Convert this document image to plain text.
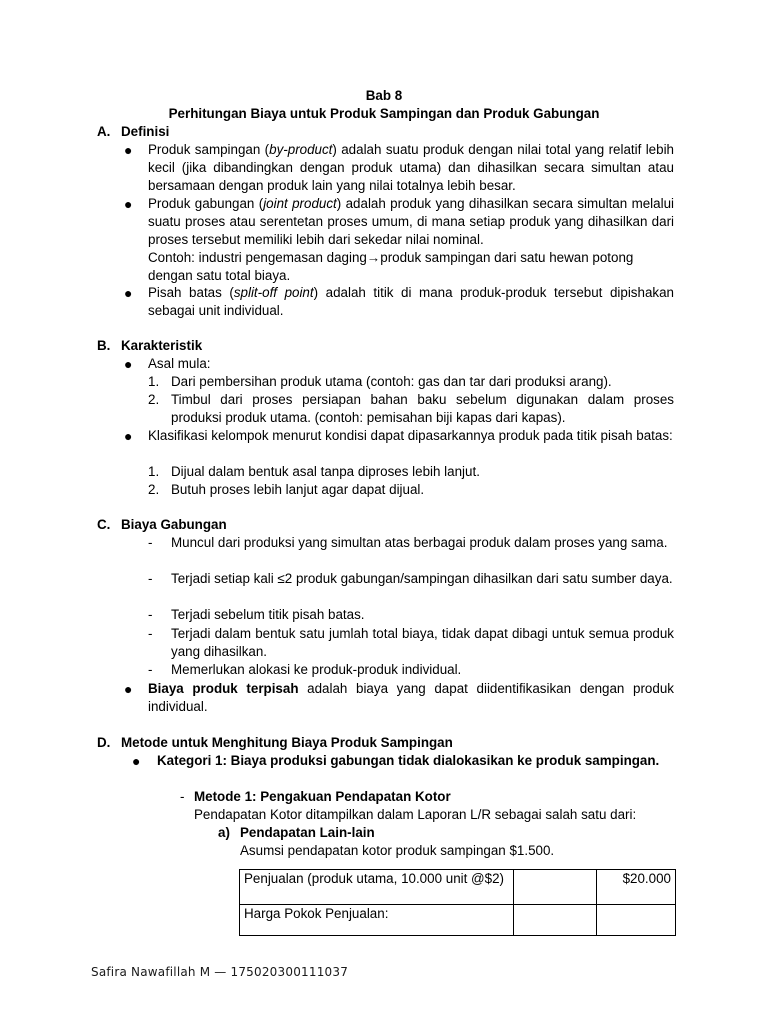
Bab 8
Perhitungan Biaya untuk Produk Sampingan dan Produk Gabungan
A. Definisi
● Produk sampingan (by-product) adalah suatu produk dengan nilai total yang relatif lebih kecil (jika dibandingkan dengan produk utama) dan dihasilkan secara simultan atau bersamaan dengan produk lain yang nilai totalnya lebih besar.
● Produk gabungan (joint product) adalah produk yang dihasilkan secara simultan melalui suatu proses atau serentetan proses umum, di mana setiap produk yang dihasilkan dari proses tersebut memiliki lebih dari sekedar nilai nominal.

Contoh: industri pengemasan daging→produk sampingan dari satu hewan potong dengan satu total biaya.

● Pisah batas (split-off point) adalah titik di mana produk-produk tersebut dipishakan sebagai unit individual.
B. Karakteristik
● Asal mula:
1. Dari pembersihan produk utama (contoh: gas dan tar dari produksi arang).
2. Timbul dari proses persiapan bahan baku sebelum digunakan dalam proses produksi produk utama. (contoh: pemisahan biji kapas dari kapas).
● Klasifikasi kelompok menurut kondisi dapat dipasarkannya produk pada titik pisah batas:
1. Dijual dalam bentuk asal tanpa diproses lebih lanjut.
2. Butuh proses lebih lanjut agar dapat dijual.
C. Biaya Gabungan
- Muncul dari produksi yang simultan atas berbagai produk dalam proses yang sama.
- Terjadi setiap kali ≤2 produk gabungan/sampingan dihasilkan dari satu sumber daya.
- Terjadi sebelum titik pisah batas.
- Terjadi dalam bentuk satu jumlah total biaya, tidak dapat dibagi untuk semua produk yang dihasilkan.
- Memerlukan alokasi ke produk-produk individual.
● Biaya produk terpisah adalah biaya yang dapat diidentifikasikan dengan produk individual.
D. Metode untuk Menghitung Biaya Produk Sampingan
● Kategori 1: Biaya produksi gabungan tidak dialokasikan ke produk sampingan.
- Metode 1: Pengakuan Pendapatan Kotor
Pendapatan Kotor ditampilkan dalam Laporan L/R sebagai salah satu dari:
a) Pendapatan Lain-lain
Asumsi pendapatan kotor produk sampingan $1.500.
Penjualan (produk utama, 10.000 unit @$2)		$20.000
Harga Pokok Penjualan:		
Safira Nawafillah M — 175020300111037
